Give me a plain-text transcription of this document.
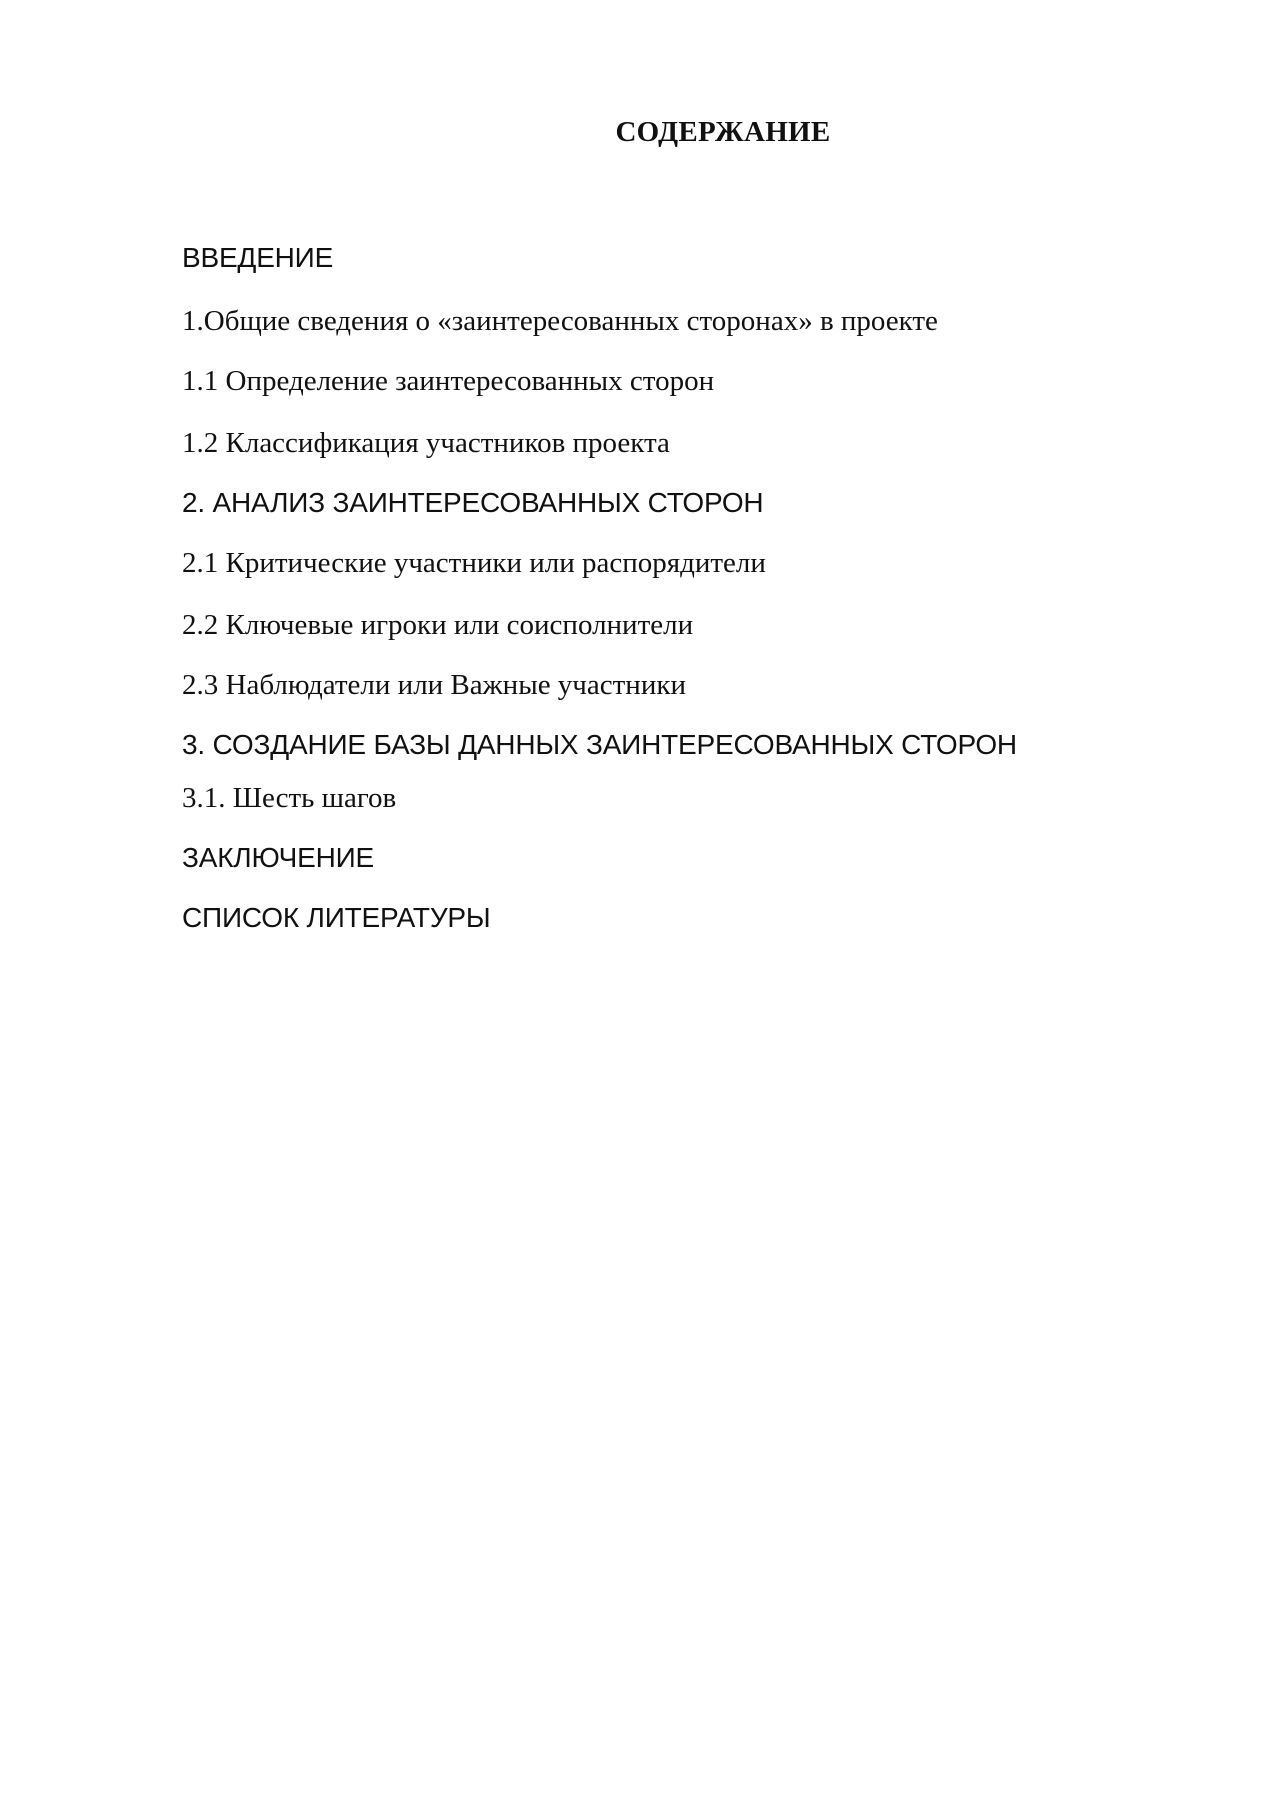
СОДЕРЖАНИЕ
ВВЕДЕНИЕ
1.Общие сведения о «заинтересованных сторонах» в проекте
1.1 Определение заинтересованных сторон
1.2 Классификация участников проекта
2. АНАЛИЗ ЗАИНТЕРЕСОВАННЫХ СТОРОН
2.1 Критические участники или распорядители
2.2 Ключевые игроки или соисполнители
2.3 Наблюдатели или Важные участники
3. СОЗДАНИЕ БАЗЫ ДАННЫХ ЗАИНТЕРЕСОВАННЫХ СТОРОН
3.1. Шесть шагов
ЗАКЛЮЧЕНИЕ
СПИСОК ЛИТЕРАТУРЫ
